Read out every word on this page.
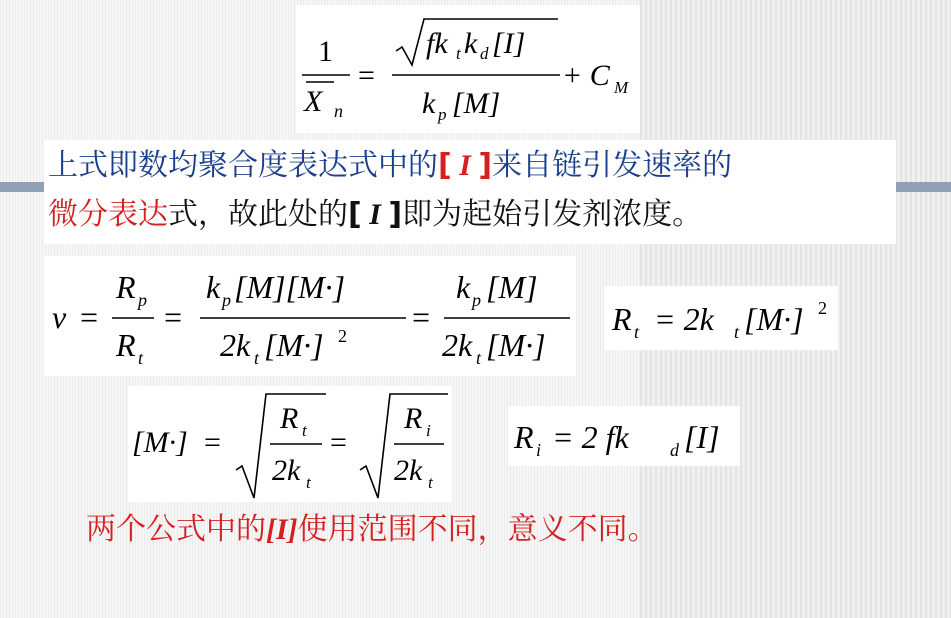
1
X n
=
fk t k d [I]
k p [M]
+ C M
上式即数均聚合度表达式中的[ I ]来自链引发速率的
微分表达式，故此处的[ I ]即为起始引发剂浓度。
v =
R p
R t
=
k p [M][M·]
2k t [M·] 2
=
k p [M]
2k t [M·]
R t = 2k t [M·] 2
[M·] =
R t
2k t
=
R i
2k t
R i = 2 fk d [I]
两个公式中的[I]使用范围不同，意义不同。
